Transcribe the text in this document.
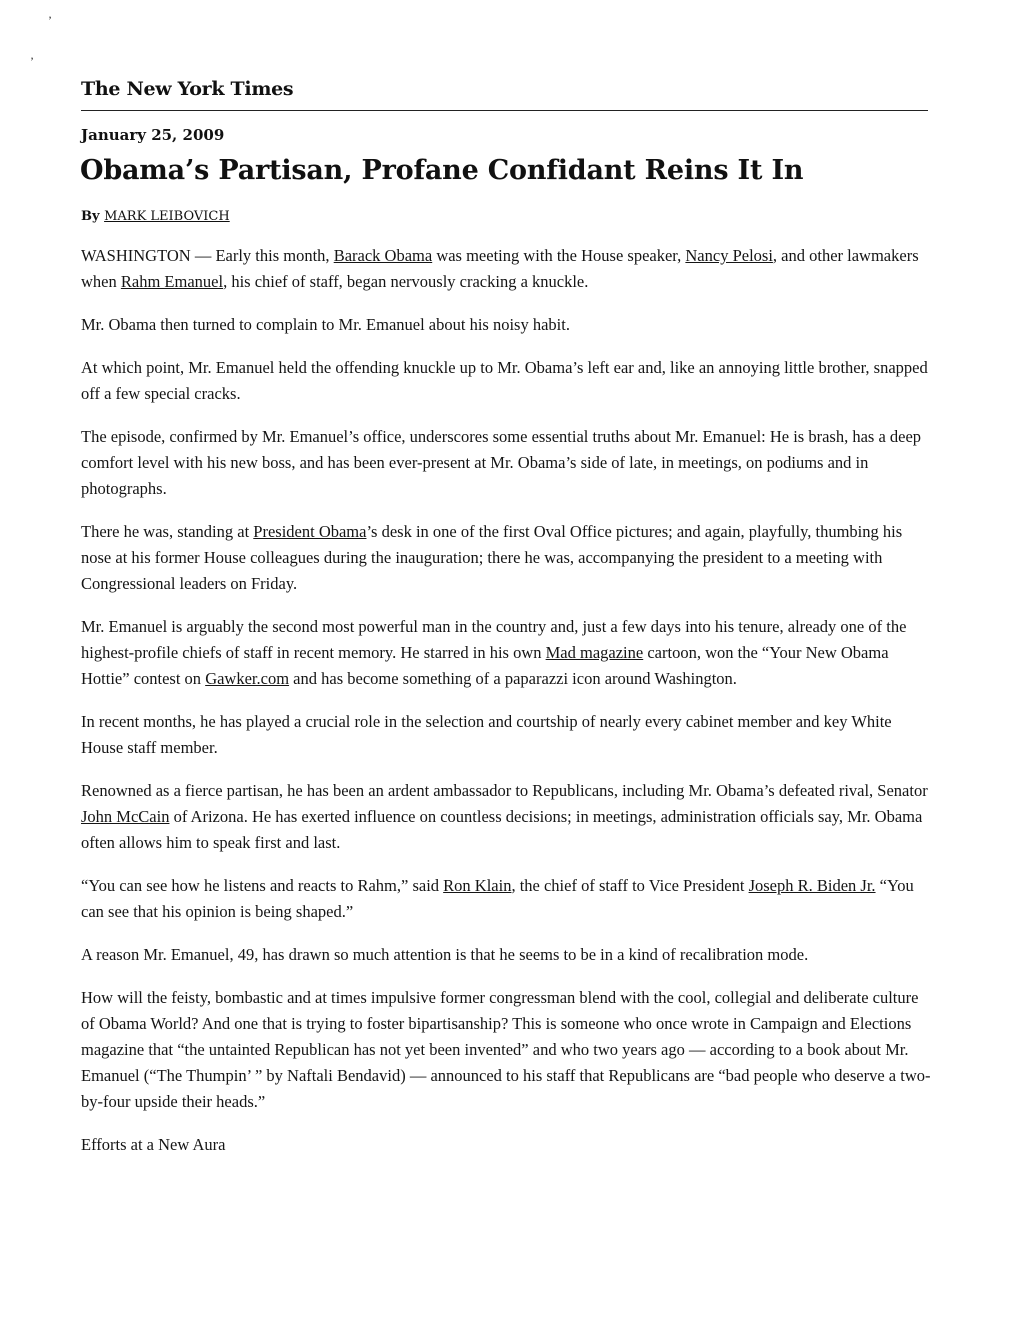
’
’
The New York Times
January 25, 2009
Obama’s Partisan, Profane Confidant Reins It In
By MARK LEIBOVICH

WASHINGTON — Early this month, Barack Obama was meeting with the House speaker, Nancy Pelosi, and other lawmakers when Rahm Emanuel, his chief of staff, began nervously cracking a knuckle.

Mr. Obama then turned to complain to Mr. Emanuel about his noisy habit.

At which point, Mr. Emanuel held the offending knuckle up to Mr. Obama’s left ear and, like an annoying little brother, snapped off a few special cracks.

The episode, confirmed by Mr. Emanuel’s office, underscores some essential truths about Mr. Emanuel: He is brash, has a deep comfort level with his new boss, and has been ever-present at Mr. Obama’s side of late, in meetings, on podiums and in photographs.

There he was, standing at President Obama’s desk in one of the first Oval Office pictures; and again, playfully, thumbing his nose at his former House colleagues during the inauguration; there he was, accompanying the president to a meeting with Congressional leaders on Friday.

Mr. Emanuel is arguably the second most powerful man in the country and, just a few days into his tenure, already one of the highest-profile chiefs of staff in recent memory. He starred in his own Mad magazine cartoon, won the “Your New Obama Hottie” contest on Gawker.com and has become something of a paparazzi icon around Washington.

In recent months, he has played a crucial role in the selection and courtship of nearly every cabinet member and key White House staff member.

Renowned as a fierce partisan, he has been an ardent ambassador to Republicans, including Mr. Obama’s defeated rival, Senator John McCain of Arizona. He has exerted influence on countless decisions; in meetings, administration officials say, Mr. Obama often allows him to speak first and last.

“You can see how he listens and reacts to Rahm,” said Ron Klain, the chief of staff to Vice President Joseph R. Biden Jr. “You can see that his opinion is being shaped.”

A reason Mr. Emanuel, 49, has drawn so much attention is that he seems to be in a kind of recalibration mode.

How will the feisty, bombastic and at times impulsive former congressman blend with the cool, collegial and deliberate culture of Obama World? And one that is trying to foster bipartisanship? This is someone who once wrote in Campaign and Elections magazine that “the untainted Republican has not yet been invented” and who two years ago — according to a book about Mr. Emanuel (“The Thumpin’ ” by Naftali Bendavid) — announced to his staff that Republicans are “bad people who deserve a two-by-four upside their heads.”

Efforts at a New Aura
